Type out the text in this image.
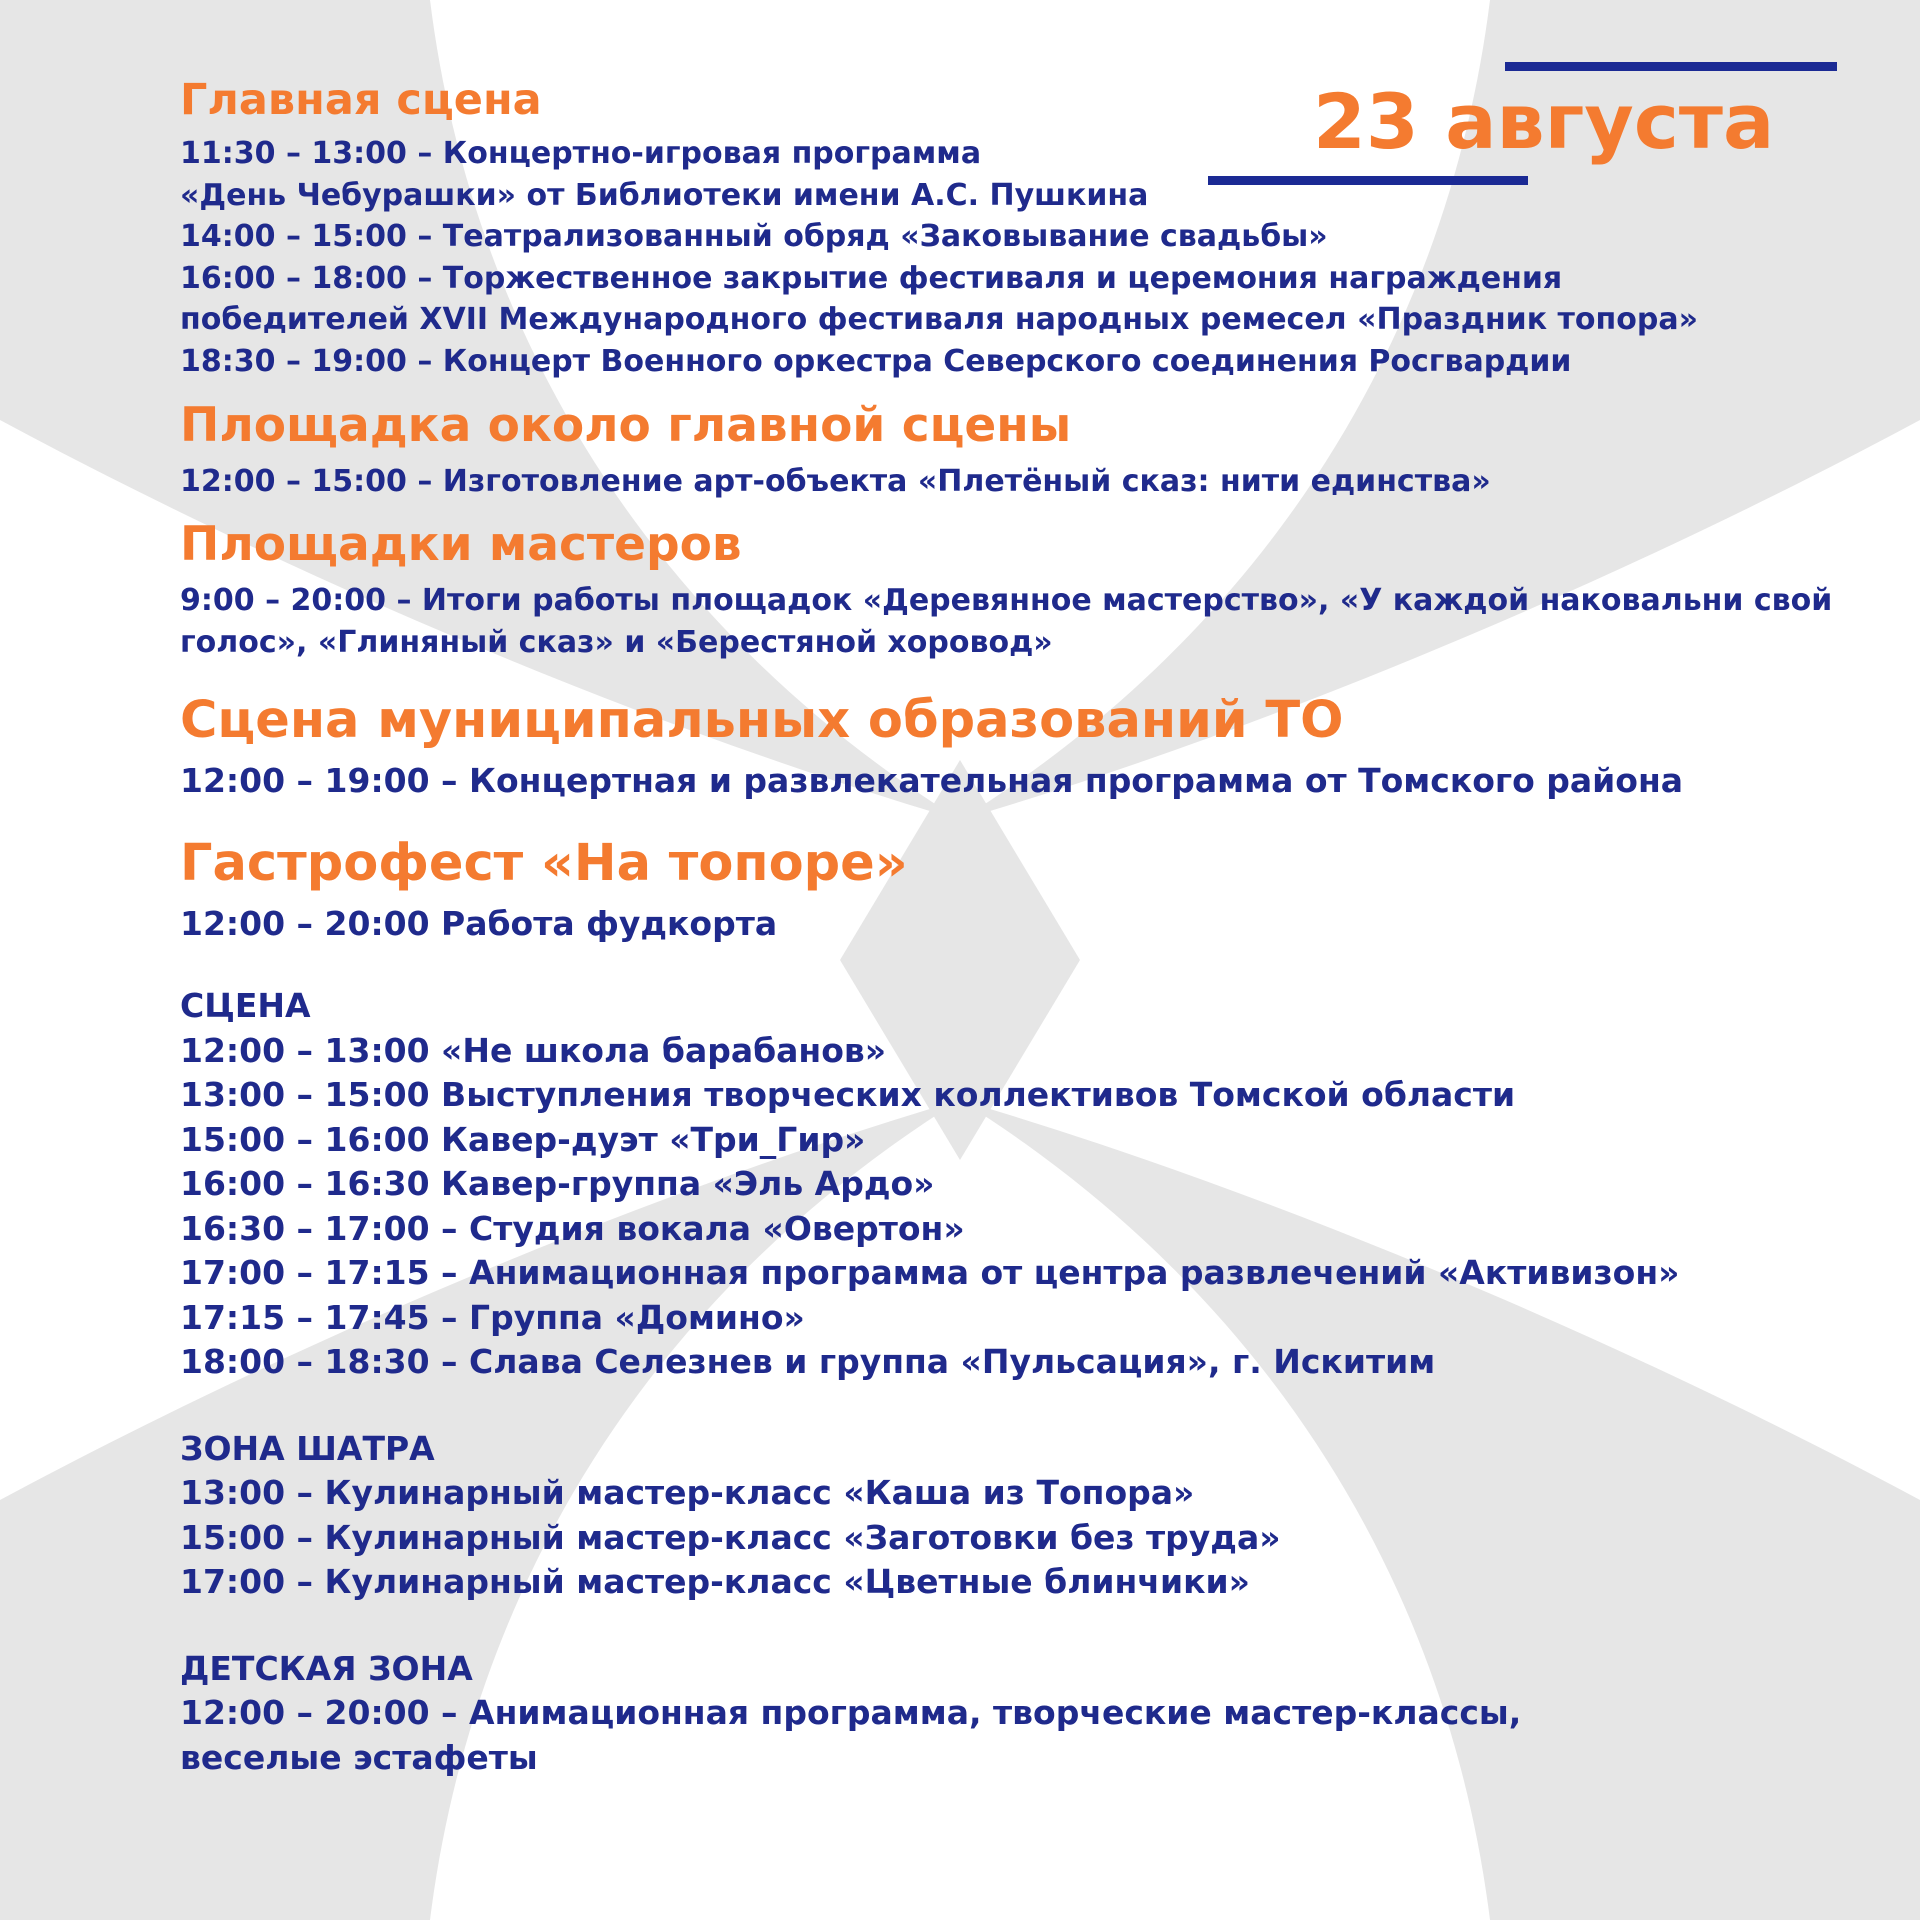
23 августа
Главная сцена
11:30 – 13:00 – Концертно-игровая программа
«День Чебурашки» от Библиотеки имени А.С. Пушкина
14:00 – 15:00 – Театрализованный обряд «Заковывание свадьбы»
16:00 – 18:00 – Торжественное закрытие фестиваля и церемония награждения
победителей XVII Международного фестиваля народных ремесел «Праздник топора»
18:30 – 19:00 – Концерт Военного оркестра Северского соединения Росгвардии
Площадка около главной сцены
12:00 – 15:00 – Изготовление арт-объекта «Плетёный сказ: нити единства»
Площадки мастеров
9:00 – 20:00 – Итоги работы площадок «Деревянное мастерство», «У каждой наковальни свой
голос», «Глиняный сказ» и «Берестяной хоровод»
Сцена муниципальных образований ТО
12:00 – 19:00 – Концертная и развлекательная программа от Томского района
Гастрофест «На топоре»
12:00 – 20:00 Работа фудкорта
СЦЕНА
12:00 – 13:00 «Не школа барабанов»
13:00 – 15:00 Выступления творческих коллективов Томской области
15:00 – 16:00 Кавер-дуэт «Три_Гир»
16:00 – 16:30 Кавер-группа «Эль Ардо»
16:30 – 17:00 – Студия вокала «Овертон»
17:00 – 17:15 – Анимационная программа от центра развлечений «Активизон»
17:15 – 17:45 – Группа «Домино»
18:00 – 18:30 – Слава Селезнев и группа «Пульсация», г. Искитим
ЗОНА ШАТРА
13:00 – Кулинарный мастер-класс «Каша из Топора»
15:00 – Кулинарный мастер-класс «Заготовки без труда»
17:00 – Кулинарный мастер-класс «Цветные блинчики»
ДЕТСКАЯ ЗОНА
12:00 – 20:00 – Анимационная программа, творческие мастер-классы,
веселые эстафеты
